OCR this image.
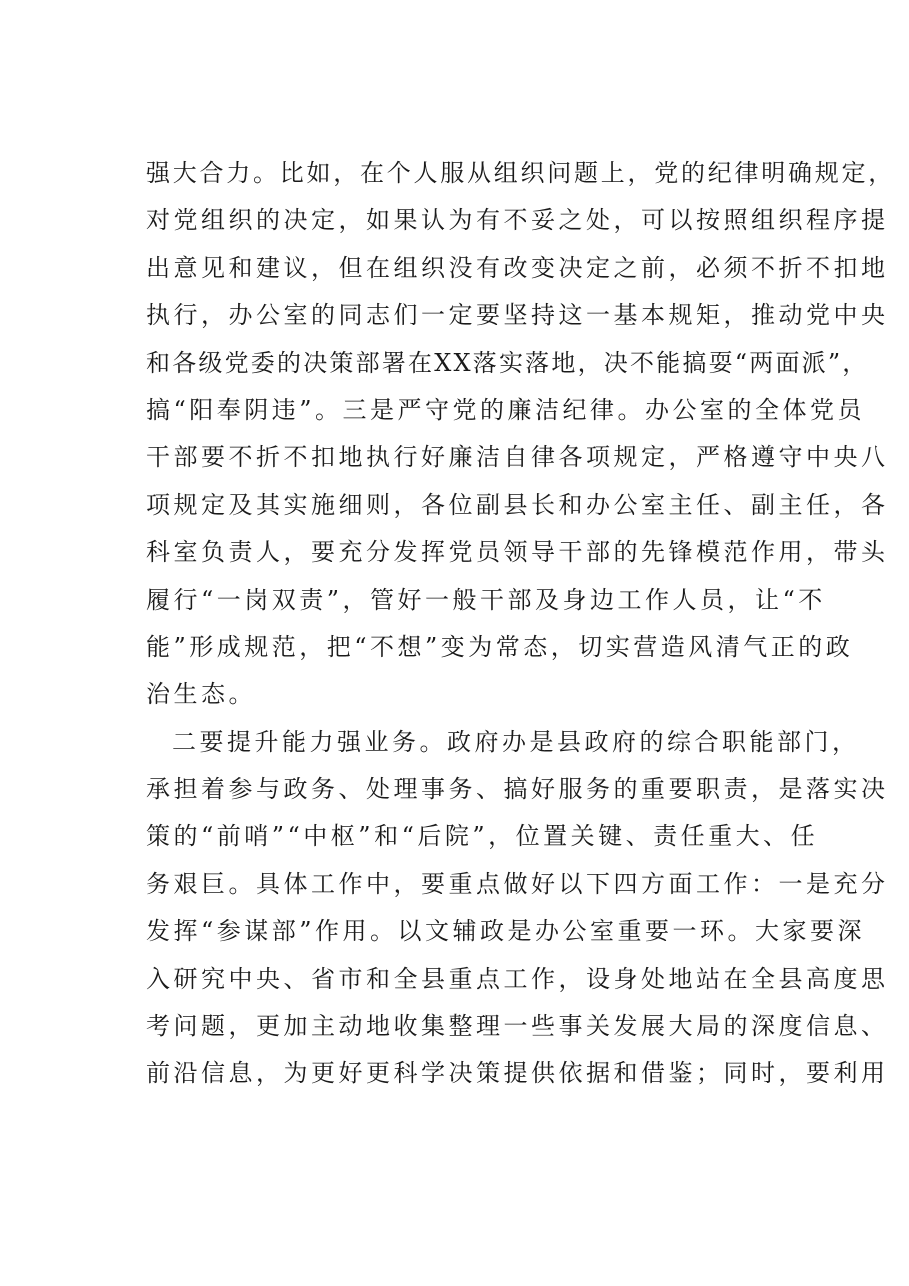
强大合力。比如，在个人服从组织问题上，党的纪律明确规定，
对党组织的决定，如果认为有不妥之处，可以按照组织程序提
出意见和建议，但在组织没有改变决定之前，必须不折不扣地
执行，办公室的同志们一定要坚持这一基本规矩，推动党中央
和各级党委的决策部署在XX落实落地，决不能搞耍“两面派”，
搞“阳奉阴违”。三是严守党的廉洁纪律。办公室的全体党员
干部要不折不扣地执行好廉洁自律各项规定，严格遵守中央八
项规定及其实施细则，各位副县长和办公室主任、副主任，各
科室负责人，要充分发挥党员领导干部的先锋模范作用，带头
履行“一岗双责”，管好一般干部及身边工作人员，让“不
能”形成规范，把“不想”变为常态，切实营造风清气正的政
治生态。
二要提升能力强业务。政府办是县政府的综合职能部门，
承担着参与政务、处理事务、搞好服务的重要职责，是落实决
策的“前哨”“中枢”和“后院”，位置关键、责任重大、任
务艰巨。具体工作中，要重点做好以下四方面工作：一是充分
发挥“参谋部”作用。以文辅政是办公室重要一环。大家要深
入研究中央、省市和全县重点工作，设身处地站在全县高度思
考问题，更加主动地收集整理一些事关发展大局的深度信息、
前沿信息，为更好更科学决策提供依据和借鉴；同时，要利用
